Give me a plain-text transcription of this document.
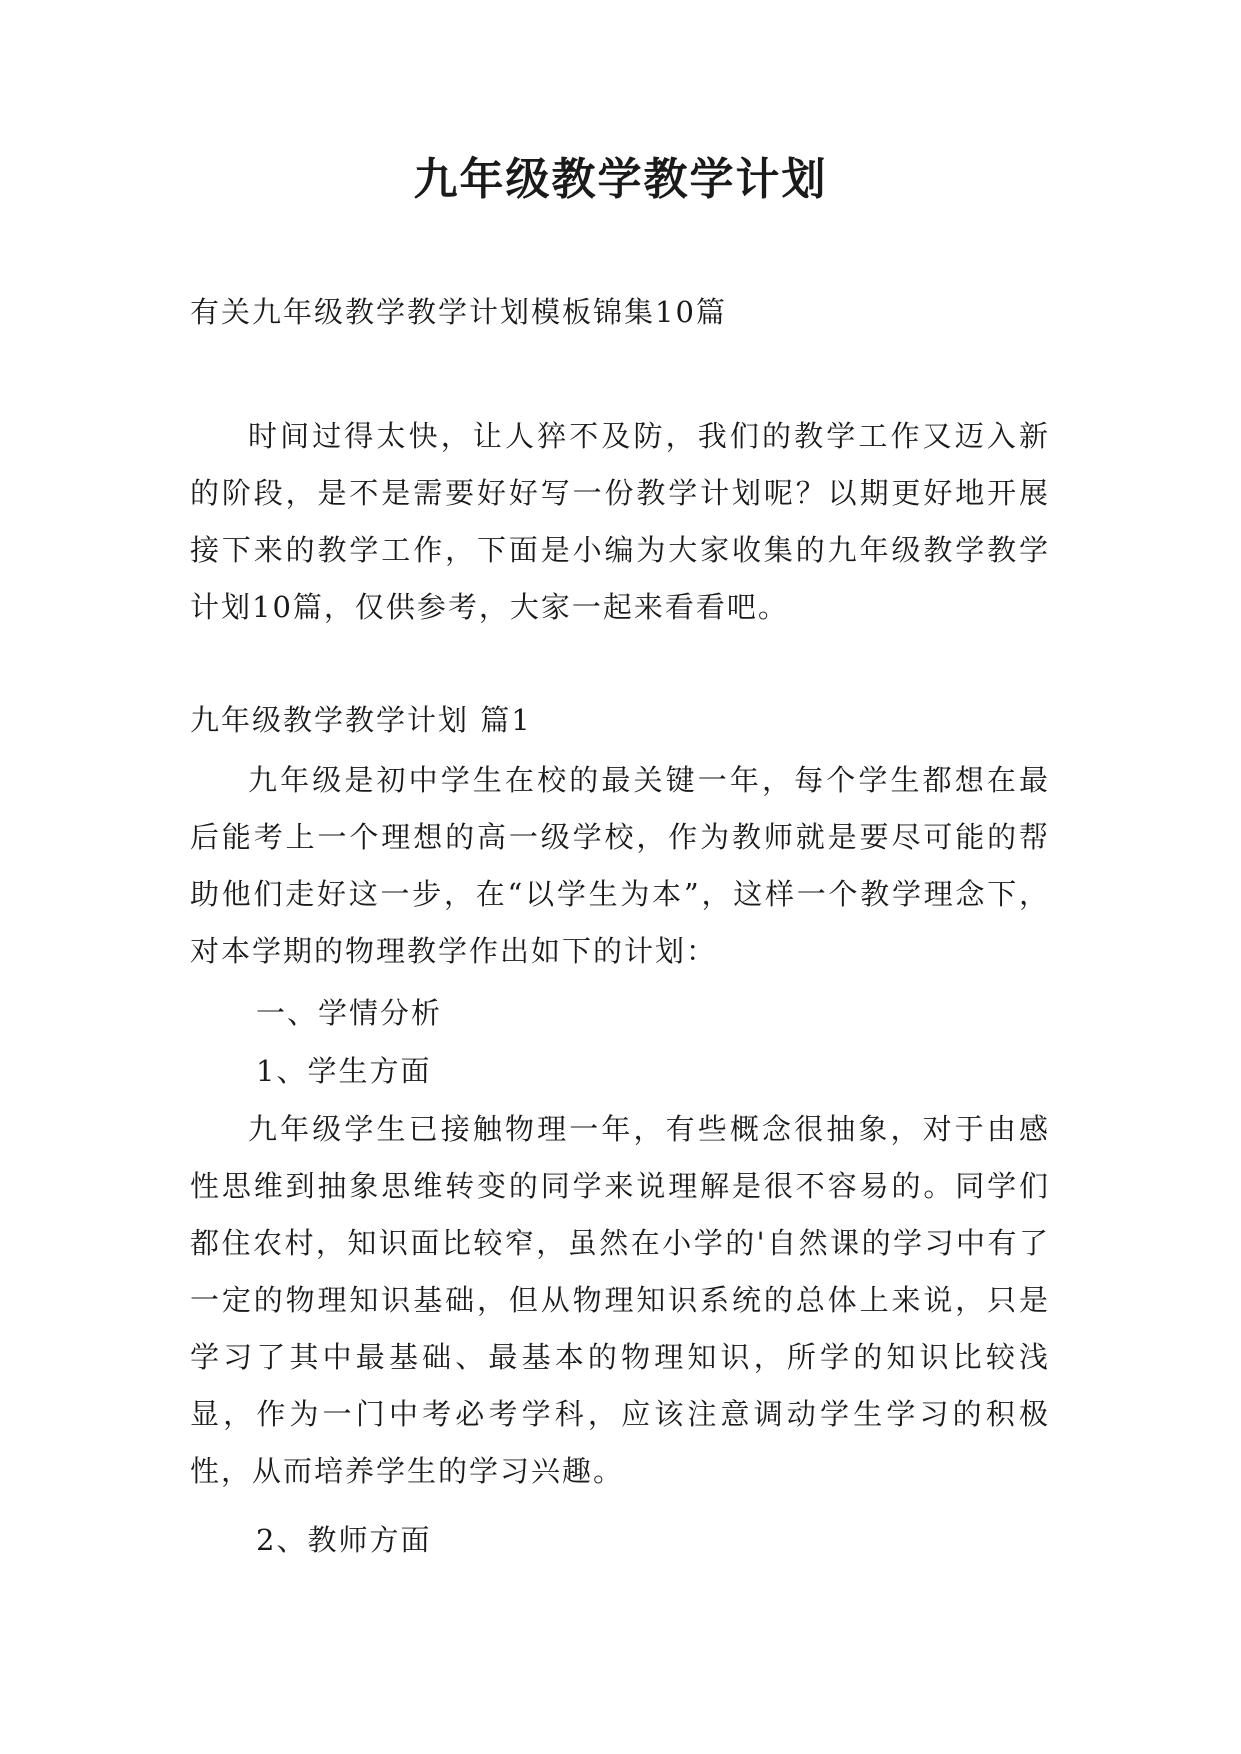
九年级教学教学计划
有关九年级教学教学计划模板锦集10篇

时间过得太快，让人猝不及防，我们的教学工作又迈入新的阶段，是不是需要好好写一份教学计划呢？以期更好地开展接下来的教学工作，下面是小编为大家收集的九年级教学教学计划10篇，仅供参考，大家一起来看看吧。

九年级教学教学计划 篇1

九年级是初中学生在校的最关键一年，每个学生都想在最后能考上一个理想的高一级学校，作为教师就是要尽可能的帮助他们走好这一步，在“以学生为本”，这样一个教学理念下，对本学期的物理教学作出如下的计划：

一、学情分析
1、学生方面

九年级学生已接触物理一年，有些概念很抽象，对于由感性思维到抽象思维转变的同学来说理解是很不容易的。同学们都住农村，知识面比较窄，虽然在小学的'自然课的学习中有了一定的物理知识基础，但从物理知识系统的总体上来说，只是学习了其中最基础、最基本的物理知识，所学的知识比较浅显，作为一门中考必考学科，应该注意调动学生学习的积极性，从而培养学生的学习兴趣。

2、教师方面
